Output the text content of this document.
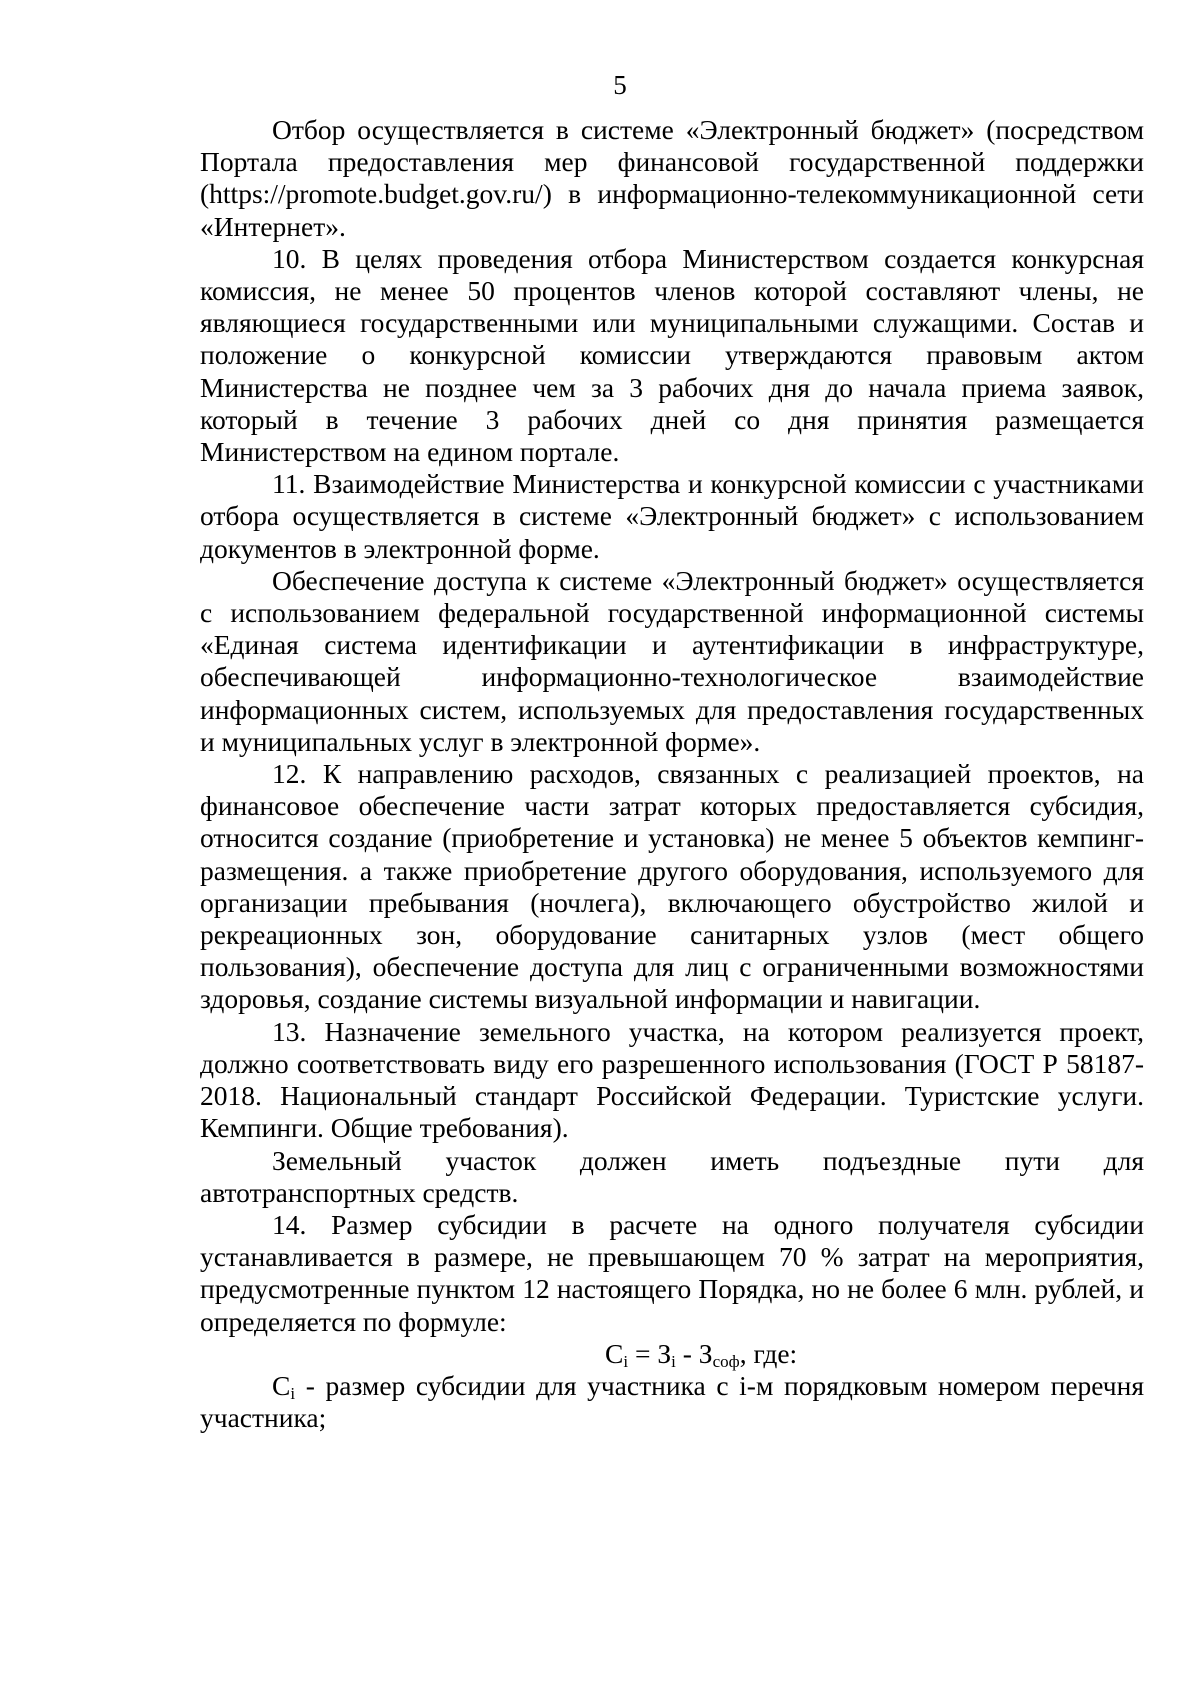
5

Отбор осуществляется в системе «Электронный бюджет» (посредством Портала предоставления мер финансовой государственной поддержки (https://promote.budget.gov.ru/) в информационно-телекоммуникационной сети «Интернет».

10. В целях проведения отбора Министерством создается конкурсная комиссия, не менее 50 процентов членов которой составляют члены, не являющиеся государственными или муниципальными служащими. Состав и положение о конкурсной комиссии утверждаются правовым актом Министерства не позднее чем за 3 рабочих дня до начала приема заявок, который в течение 3 рабочих дней со дня принятия размещается Министерством на едином портале.

11. Взаимодействие Министерства и конкурсной комиссии с участниками отбора осуществляется в системе «Электронный бюджет» с использованием документов в электронной форме.

Обеспечение доступа к системе «Электронный бюджет» осуществляется с использованием федеральной государственной информационной системы «Единая система идентификации и аутентификации в инфраструктуре, обеспечивающей информационно-технологическое взаимодействие информационных систем, используемых для предоставления государственных и муниципальных услуг в электронной форме».

12. К направлению расходов, связанных с реализацией проектов, на финансовое обеспечение части затрат которых предоставляется субсидия, относится создание (приобретение и установка) не менее 5 объектов кемпинг-размещения. а также приобретение другого оборудования, используемого для организации пребывания (ночлега), включающего обустройство жилой и рекреационных зон, оборудование санитарных узлов (мест общего пользования), обеспечение доступа для лиц с ограниченными возможностями здоровья, создание системы визуальной информации и навигации.

13. Назначение земельного участка, на котором реализуется проект, должно соответствовать виду его разрешенного использования (ГОСТ Р 58187-2018. Национальный стандарт Российской Федерации. Туристские услуги. Кемпинги. Общие требования).

Земельный участок должен иметь подъездные пути для автотранспортных средств.

14. Размер субсидии в расчете на одного получателя субсидии устанавливается в размере, не превышающем 70 % затрат на мероприятия, предусмотренные пунктом 12 настоящего Порядка, но не более 6 млн. рублей, и определяется по формуле:

$C_i = З_i - З_{соф}$, где:

$C_i$ - размер субсидии для участника с i-м порядковым номером перечня участника;
